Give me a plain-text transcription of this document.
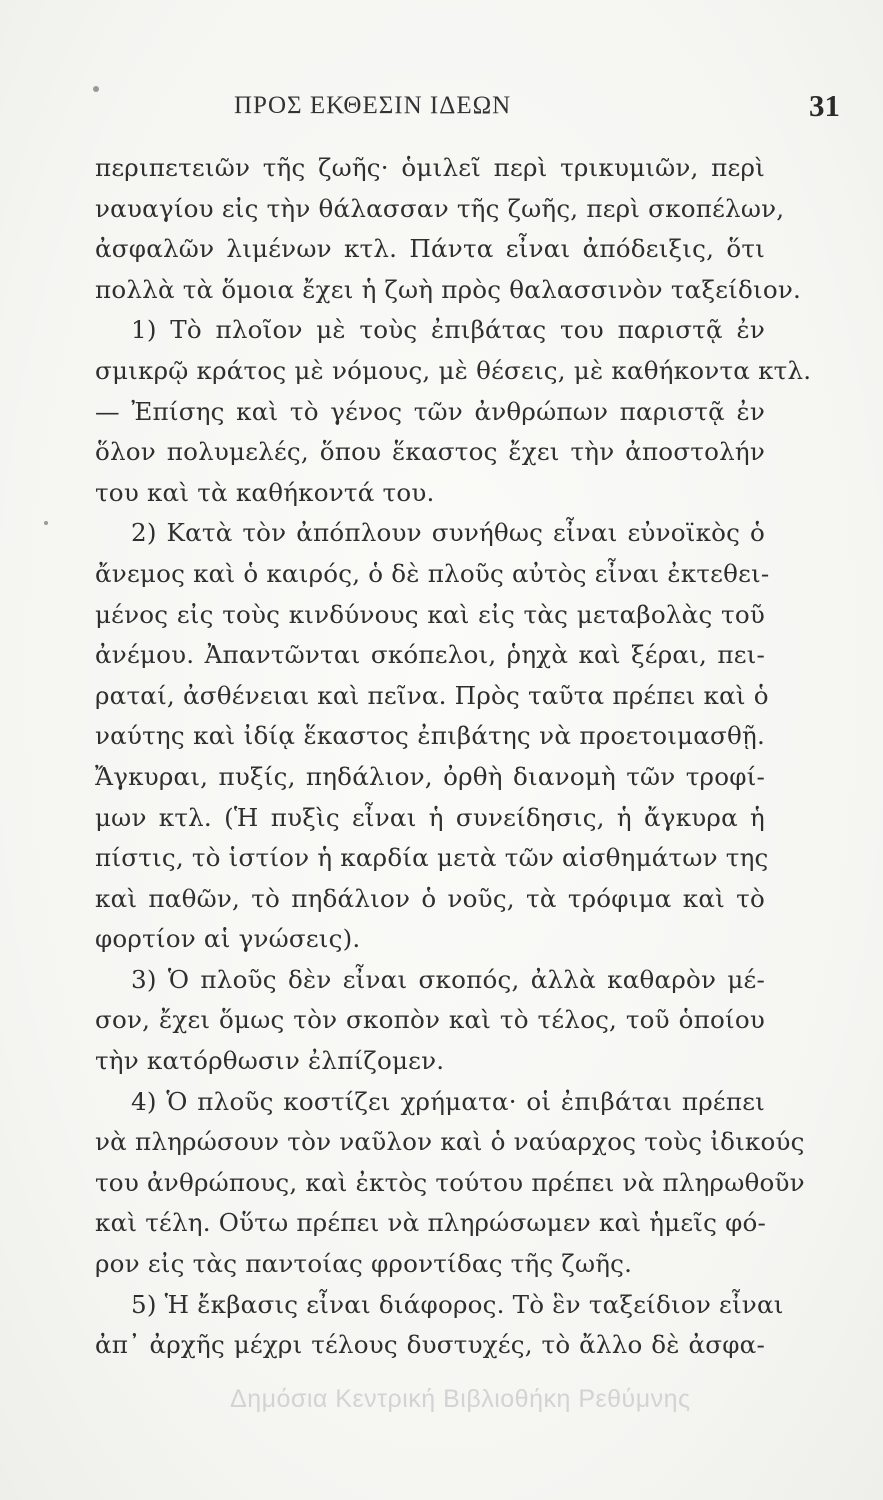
ΠΡΟΣ ΕΚΘΕΣΙΝ ΙΔΕΩΝ	31
περιπετειῶν τῆς ζωῆς· ὁμιλεῖ περὶ τρικυμιῶν, περὶ
ναυαγίου εἰς τὴν θάλασσαν τῆς ζωῆς, περὶ σκοπέλων,
ἀσφαλῶν λιμένων κτλ. Πάντα εἶναι ἀπόδειξις, ὅτι
πολλὰ τὰ ὅμοια ἔχει ἡ ζωὴ πρὸς θαλασσινὸν ταξείδιον.
1) Τὸ πλοῖον μὲ τοὺς ἐπιβάτας του παριστᾷ ἐν
σμικρῷ κράτος μὲ νόμους, μὲ θέσεις, μὲ καθήκοντα κτλ.
— Ἐπίσης καὶ τὸ γένος τῶν ἀνθρώπων παριστᾷ ἐν
ὅλον πολυμελές, ὅπου ἕκαστος ἔχει τὴν ἀποστολήν
του καὶ τὰ καθήκοντά του.
2) Κατὰ τὸν ἀπόπλουν συνήθως εἶναι εὐνοϊκὸς ὁ
ἄνεμος καὶ ὁ καιρός, ὁ δὲ πλοῦς αὐτὸς εἶναι ἐκτεθει-
μένος εἰς τοὺς κινδύνους καὶ εἰς τὰς μεταβολὰς τοῦ
ἀνέμου. Ἀπαντῶνται σκόπελοι, ῥηχὰ καὶ ξέραι, πει-
ραταί, ἀσθένειαι καὶ πεῖνα. Πρὸς ταῦτα πρέπει καὶ ὁ
ναύτης καὶ ἰδίᾳ ἕκαστος ἐπιβάτης νὰ προετοιμασθῇ.
Ἄγκυραι, πυξίς, πηδάλιον, ὀρθὴ διανομὴ τῶν τροφί-
μων κτλ. (Ἡ πυξὶς εἶναι ἡ συνείδησις, ἡ ἄγκυρα ἡ
πίστις, τὸ ἱστίον ἡ καρδία μετὰ τῶν αἰσθημάτων της
καὶ παθῶν, τὸ πηδάλιον ὁ νοῦς, τὰ τρόφιμα καὶ τὸ
φορτίον αἱ γνώσεις).
3) Ὁ πλοῦς δὲν εἶναι σκοπός, ἀλλὰ καθαρὸν μέ-
σον, ἔχει ὅμως τὸν σκοπὸν καὶ τὸ τέλος, τοῦ ὁποίου
τὴν κατόρθωσιν ἐλπίζομεν.
4) Ὁ πλοῦς κοστίζει χρήματα· οἱ ἐπιβάται πρέπει
νὰ πληρώσουν τὸν ναῦλον καὶ ὁ ναύαρχος τοὺς ἰδικούς
του ἀνθρώπους, καὶ ἐκτὸς τούτου πρέπει νὰ πληρωθοῦν
καὶ τέλη. Οὕτω πρέπει νὰ πληρώσωμεν καὶ ἡμεῖς φό-
ρον εἰς τὰς παντοίας φροντίδας τῆς ζωῆς.
5) Ἡ ἔκβασις εἶναι διάφορος. Τὸ ἓν ταξείδιον εἶναι
ἀπ᾽ ἀρχῆς μέχρι τέλους δυστυχές, τὸ ἄλλο δὲ ἀσφα-
Δημόσια Κεντρική Βιβλιοθήκη Ρεθύμνης
